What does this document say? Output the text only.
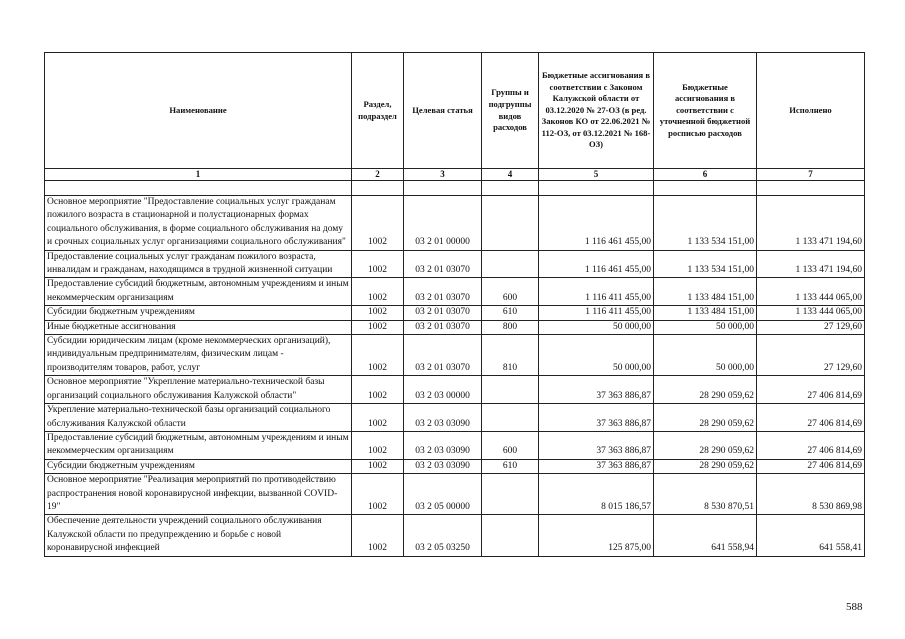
Наименование	Раздел, подраздел	Целевая статья	Группы и подгруппы видов расходов	Бюджетные ассигнования в соответствии с Законом Калужской области от 03.12.2020 № 27-ОЗ (в ред. Законов КО от 22.06.2021 № 112-ОЗ, от 03.12.2021 № 168-ОЗ)	Бюджетные ассигнования в соответствии с уточненной бюджетной росписью расходов	Исполнено
1	2	3	4	5	6	7

Основное мероприятие "Предоставление социальных услуг гражданам пожилого возраста в стационарной и полустационарных формах социального обслуживания, в форме социального обслуживания на дому и срочных социальных услуг организациями социального обслуживания"	1002	03 2 01 00000		1 116 461 455,00	1 133 534 151,00	1 133 471 194,60
Предоставление социальных услуг гражданам пожилого возраста, инвалидам и гражданам, находящимся в трудной жизненной ситуации	1002	03 2 01 03070		1 116 461 455,00	1 133 534 151,00	1 133 471 194,60
Предоставление субсидий бюджетным, автономным учреждениям и иным некоммерческим организациям	1002	03 2 01 03070	600	1 116 411 455,00	1 133 484 151,00	1 133 444 065,00
Субсидии бюджетным учреждениям	1002	03 2 01 03070	610	1 116 411 455,00	1 133 484 151,00	1 133 444 065,00
Иные бюджетные ассигнования	1002	03 2 01 03070	800	50 000,00	50 000,00	27 129,60
Субсидии юридическим лицам (кроме некоммерческих организаций), индивидуальным предпринимателям, физическим лицам - производителям товаров, работ, услуг	1002	03 2 01 03070	810	50 000,00	50 000,00	27 129,60
Основное мероприятие "Укрепление материально-технической базы организаций социального обслуживания Калужской области"	1002	03 2 03 00000		37 363 886,87	28 290 059,62	27 406 814,69
Укрепление материально-технической базы организаций социального обслуживания Калужской области	1002	03 2 03 03090		37 363 886,87	28 290 059,62	27 406 814,69
Предоставление субсидий бюджетным, автономным учреждениям и иным некоммерческим организациям	1002	03 2 03 03090	600	37 363 886,87	28 290 059,62	27 406 814,69
Субсидии бюджетным учреждениям	1002	03 2 03 03090	610	37 363 886,87	28 290 059,62	27 406 814,69
Основное мероприятие "Реализация мероприятий по противодействию распространения новой коронавирусной инфекции, вызванной COVID-19"	1002	03 2 05 00000		8 015 186,57	8 530 870,51	8 530 869,98
Обеспечение деятельности учреждений социального обслуживания Калужской области по предупреждению и борьбе с новой коронавирусной инфекцией	1002	03 2 05 03250		125 875,00	641 558,94	641 558,41
588
